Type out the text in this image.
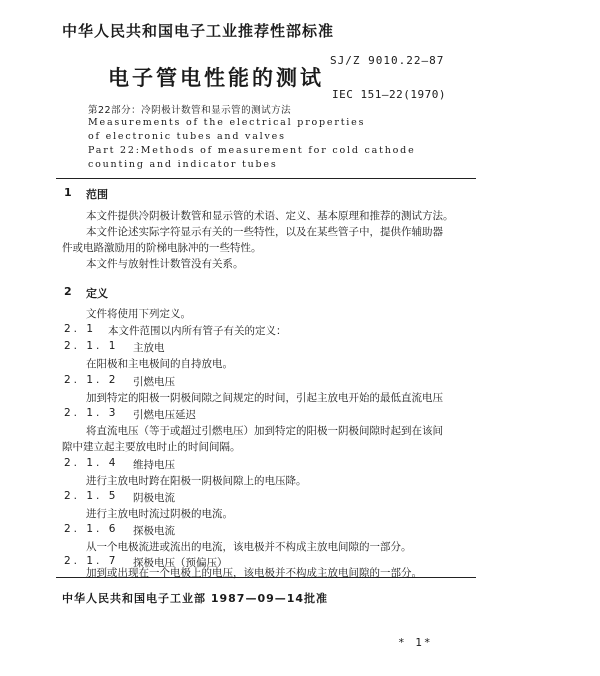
中华人民共和国电子工业推荐性部标准
SJ/Z 9010.22—87
电子管电性能的测试
IEC 151—22(1970)
第22部分：冷阴极计数管和显示管的测试方法
Measurements of the electrical properties
of electronic tubes and valves
Part 22:Methods of measurement for cold cathode
counting and indicator tubes
1 范围
本文件提供冷阴极计数管和显示管的术语、定义、基本原理和推荐的测试方法。
本文件论述实际字符显示有关的一些特性，以及在某些管子中，提供作辅助器
件或电路激励用的阶梯电脉冲的一些特性。
本文件与放射性计数管没有关系。
2 定义
文件将使用下列定义。
2. 1 本文件范围以内所有管子有关的定义：
2. 1. 1 主放电
在阳极和主电极间的自持放电。
2. 1. 2 引燃电压
加到特定的阳极一阴极间隙之间规定的时间，引起主放电开始的最低直流电压
2. 1. 3 引燃电压延迟
将直流电压（等于或超过引燃电压）加到特定的阳极一阴极间隙时起到在该间
隙中建立起主要放电时止的时间间隔。
2. 1. 4 维持电压
进行主放电时跨在阳极一阴极间隙上的电压降。
2. 1. 5 阴极电流
进行主放电时流过阴极的电流。
2. 1. 6 探极电流
从一个电极流进或流出的电流，该电极并不构成主放电间隙的一部分。
2. 1. 7 探极电压（预偏压）
加到或出现在一个电极上的电压，该电极并不构成主放电间隙的一部分。
中华人民共和国电子工业部 1987—09—14批准
* 1*
